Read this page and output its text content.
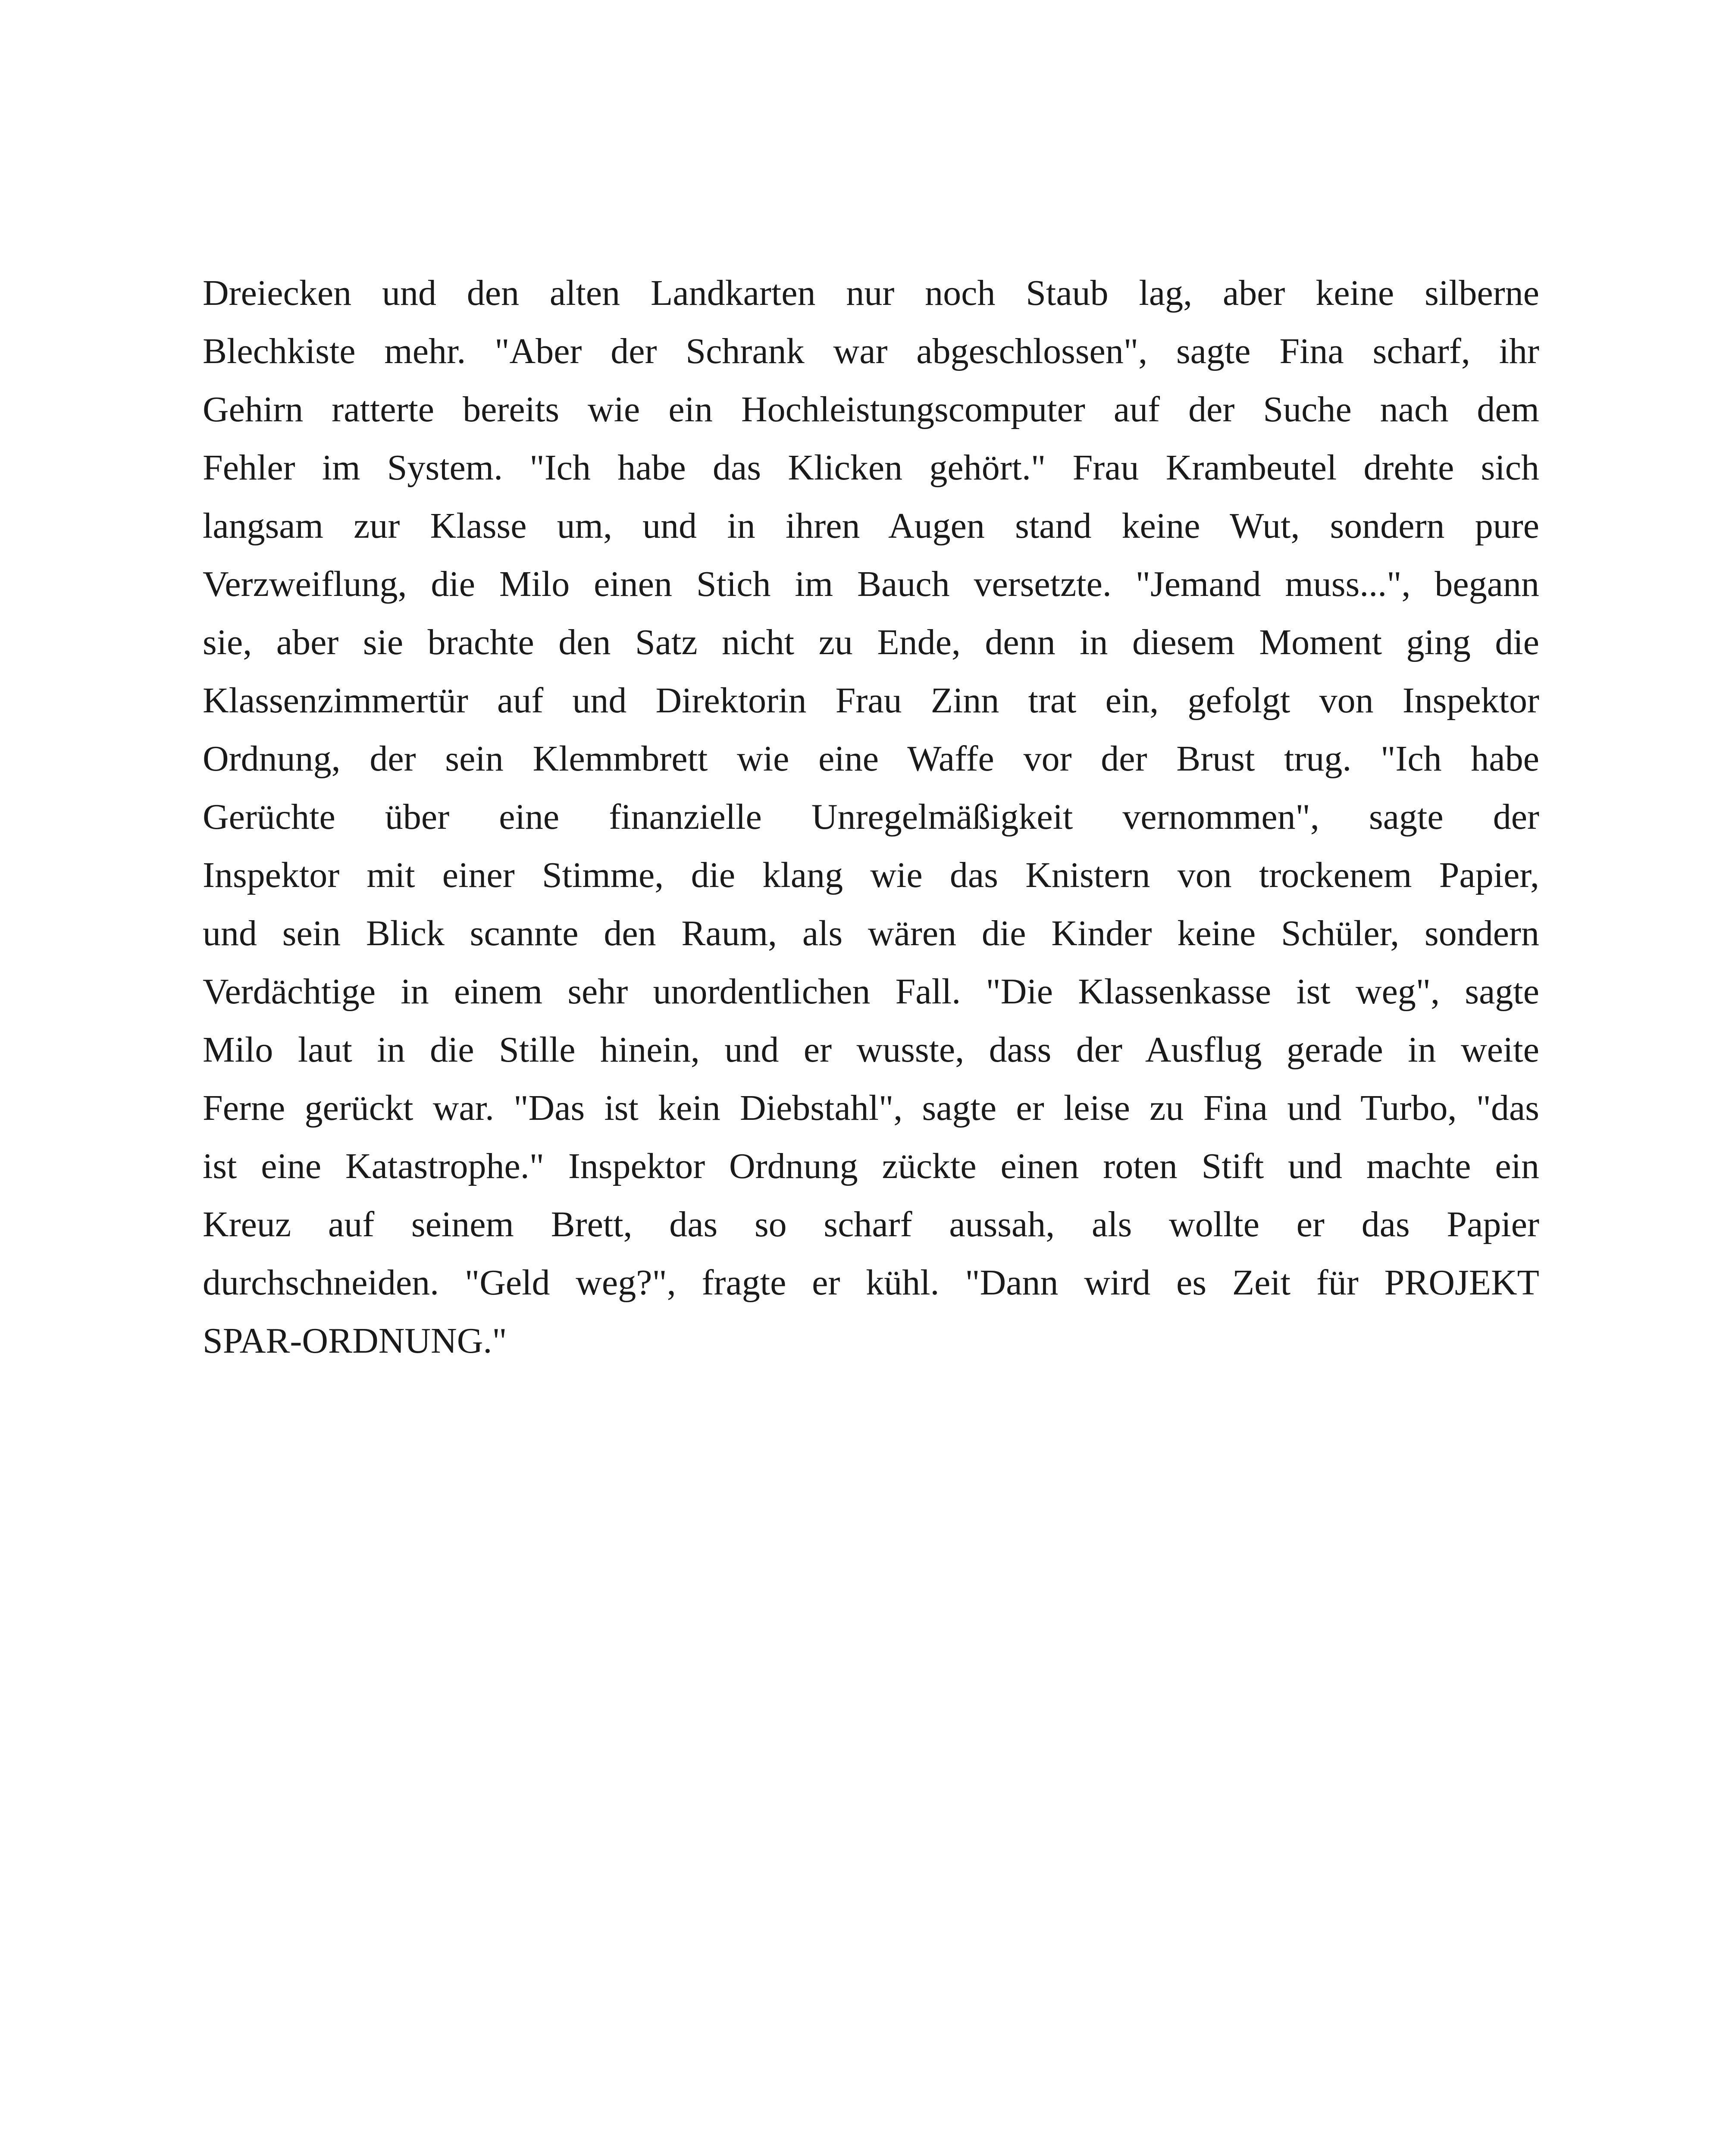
Dreiecken und den alten Landkarten nur noch Staub lag, aber keine silberne
Blechkiste mehr. "Aber der Schrank war abgeschlossen", sagte Fina scharf, ihr
Gehirn ratterte bereits wie ein Hochleistungscomputer auf der Suche nach dem
Fehler im System. "Ich habe das Klicken gehört." Frau Krambeutel drehte sich
langsam zur Klasse um, und in ihren Augen stand keine Wut, sondern pure
Verzweiflung, die Milo einen Stich im Bauch versetzte. "Jemand muss...", begann
sie, aber sie brachte den Satz nicht zu Ende, denn in diesem Moment ging die
Klassenzimmertür auf und Direktorin Frau Zinn trat ein, gefolgt von Inspektor
Ordnung, der sein Klemmbrett wie eine Waffe vor der Brust trug. "Ich habe
Gerüchte über eine finanzielle Unregelmäßigkeit vernommen", sagte der
Inspektor mit einer Stimme, die klang wie das Knistern von trockenem Papier,
und sein Blick scannte den Raum, als wären die Kinder keine Schüler, sondern
Verdächtige in einem sehr unordentlichen Fall. "Die Klassenkasse ist weg", sagte
Milo laut in die Stille hinein, und er wusste, dass der Ausflug gerade in weite
Ferne gerückt war. "Das ist kein Diebstahl", sagte er leise zu Fina und Turbo, "das
ist eine Katastrophe." Inspektor Ordnung zückte einen roten Stift und machte ein
Kreuz auf seinem Brett, das so scharf aussah, als wollte er das Papier
durchschneiden. "Geld weg?", fragte er kühl. "Dann wird es Zeit für PROJEKT
SPAR-ORDNUNG."
